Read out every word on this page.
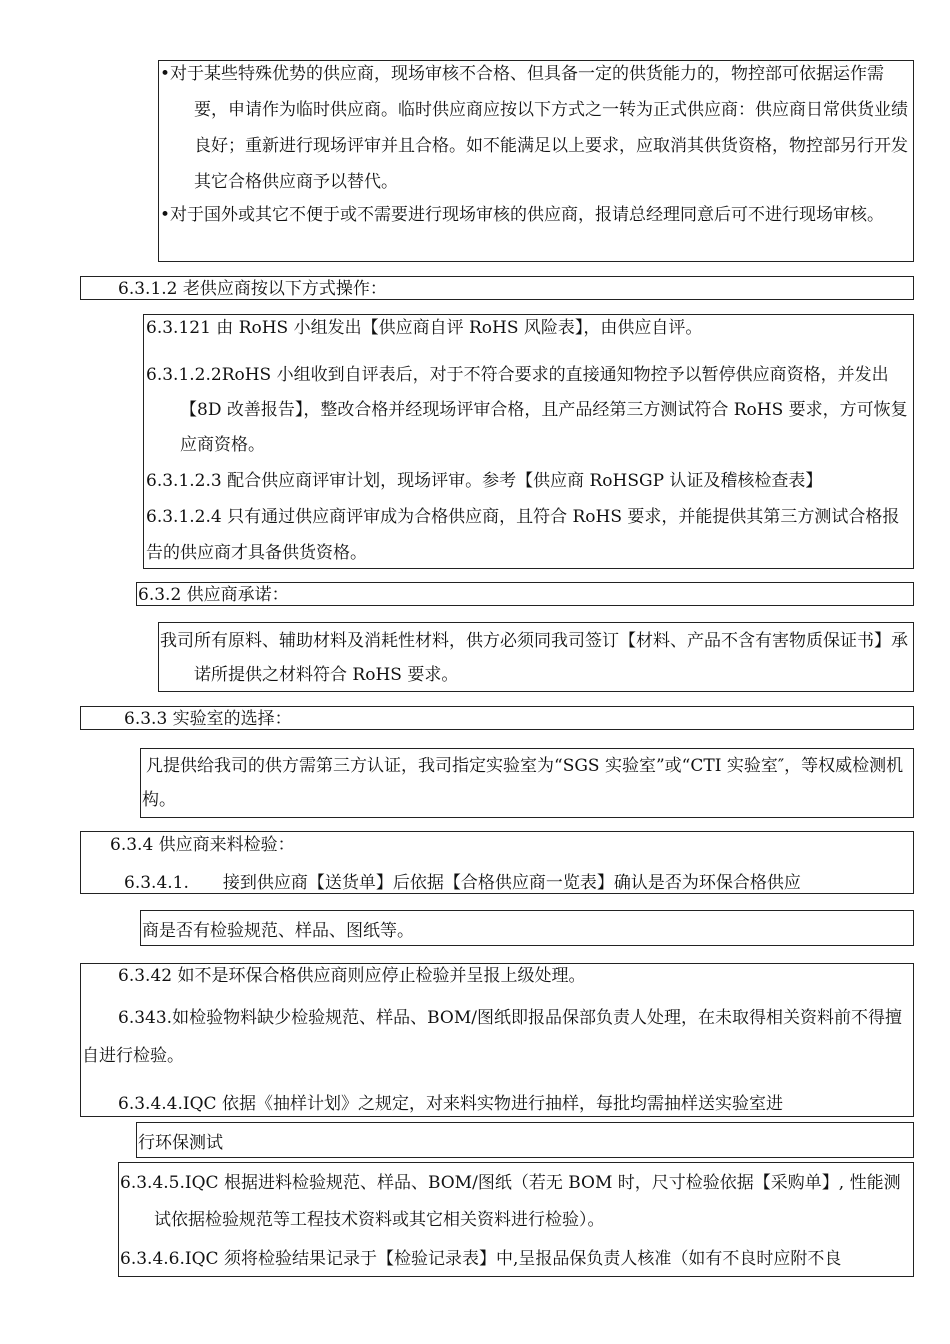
•对于某些特殊优势的供应商，现场审核不合格、但具备一定的供货能力的，物控部可依据运作需要，申请作为临时供应商。临时供应商应按以下方式之一转为正式供应商：供应商日常供货业绩良好；重新进行现场评审并且合格。如不能满足以上要求，应取消其供货资格，物控部另行开发其它合格供应商予以替代。

•对于国外或其它不便于或不需要进行现场审核的供应商，报请总经理同意后可不进行现场审核。

6.3.1.2 老供应商按以下方式操作：
6.3.121 由 RoHS 小组发出【供应商自评 RoHS 风险表】，由供应自评。

6.3.1.2.2RoHS 小组收到自评表后，对于不符合要求的直接通知物控予以暂停供应商资格，并发出【8D 改善报告】，整改合格并经现场评审合格，且产品经第三方测试符合 RoHS 要求，方可恢复应商资格。

6.3.1.2.3 配合供应商评审计划，现场评审。参考【供应商 RoHSGP 认证及稽核检查表】

6.3.1.2.4 只有通过供应商评审成为合格供应商，且符合 RoHS 要求，并能提供其第三方测试合格报告的供应商才具备供货资格。

6.3.2 供应商承诺：

我司所有原料、辅助材料及消耗性材料，供方必须同我司签订【材料、产品不含有害物质保证书】承诺所提供之材料符合 RoHS 要求。

6.3.3 实验室的选择：

凡提供给我司的供方需第三方认证，我司指定实验室为“SGS 实验室”或“CTI 实验室″，等权威检测机构。

6.3.4 供应商来料检验：
6.3.4.1.　　接到供应商【送货单】后依据【合格供应商一览表】确认是否为环保合格供应
商是否有检验规范、样品、图纸等。
6.3.42 如不是环保合格供应商则应停止检验并呈报上级处理。

6.343.如检验物料缺少检验规范、样品、BOM/图纸即报品保部负责人处理，在未取得相关资料前不得擅自进行检验。

6.3.4.4.IQC 依据《抽样计划》之规定，对来料实物进行抽样，每批均需抽样送实验室进
行环保测试

6.3.4.5.IQC 根据进料检验规范、样品、BOM/图纸（若无 BOM 时，尺寸检验依据【采购单】, 性能测试依据检验规范等工程技术资料或其它相关资料进行检验）。

6.3.4.6.IQC 须将检验结果记录于【检验记录表】中,呈报品保负责人核准（如有不良时应附不良
